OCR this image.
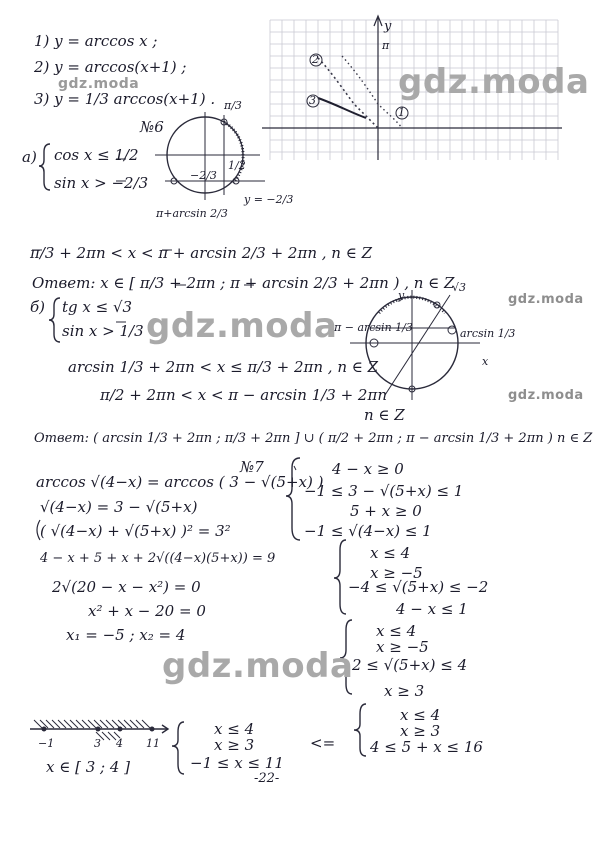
1) y = arccos x ;
2) y = arccos(x+1) ;
3) y = 1/3 arccos(x+1) .
y
2
3
1
π
№6
a) cos x ≤ 1/2
sin x > −2/3
π/3
1/2
−2/3
y = −2/3
π+arcsin 2/3
π/3 + 2πn < x < π + arcsin 2/3 + 2πn , n ∈ Z
Ответ: x ∈ [ π/3 + 2πn ; π + arcsin 2/3 + 2πn ) , n ∈ Z
б) tg x ≤ √3
sin x > 1/3	π − arcsin 1/3	arcsin 1/3
y
x
√3
arcsin 1/3 + 2πn < x ≤ π/3 + 2πn , n ∈ Z
π/2 + 2πn < x < π − arcsin 1/3 + 2πn
n ∈ Z
Ответ: ( arcsin 1/3 + 2πn ; π/3 + 2πn ] ∪ ( π/2 + 2πn ; π − arcsin 1/3 + 2πn ) n ∈ Z
№7
arccos √(4−x) = arccos ( 3 − √(5+x) )
√(4−x) = 3 − √(5+x)
( √(4−x) + √(5+x) )² = 3²
4 − x + 5 + x + 2√((4−x)(5+x)) = 9
2√(20 − x − x²) = 0
x² + x − 20 = 0
x₁ = −5 ; x₂ = 4
4 − x ≥ 0
−1 ≤ 3 − √(5+x) ≤ 1
5 + x ≥ 0
−1 ≤ √(4−x) ≤ 1
x ≤ 4
x ≥ −5
−4 ≤ √(5+x) ≤ −2
4 − x ≤ 1
x ≤ 4
x ≥ −5
2 ≤ √(5+x) ≤ 4
x ≥ 3
x ≤ 4
x ≥ 3
4 ≤ 5 + x ≤ 16
x ≤ 4
x ≥ 3
−1 ≤ x ≤ 11
<=
−1	3 4 11
x ∈ [ 3 ; 4 ]
-22-
gdz.moda
gdz.moda
gdz.moda
gdz.moda
gdz.moda
gdz.moda
